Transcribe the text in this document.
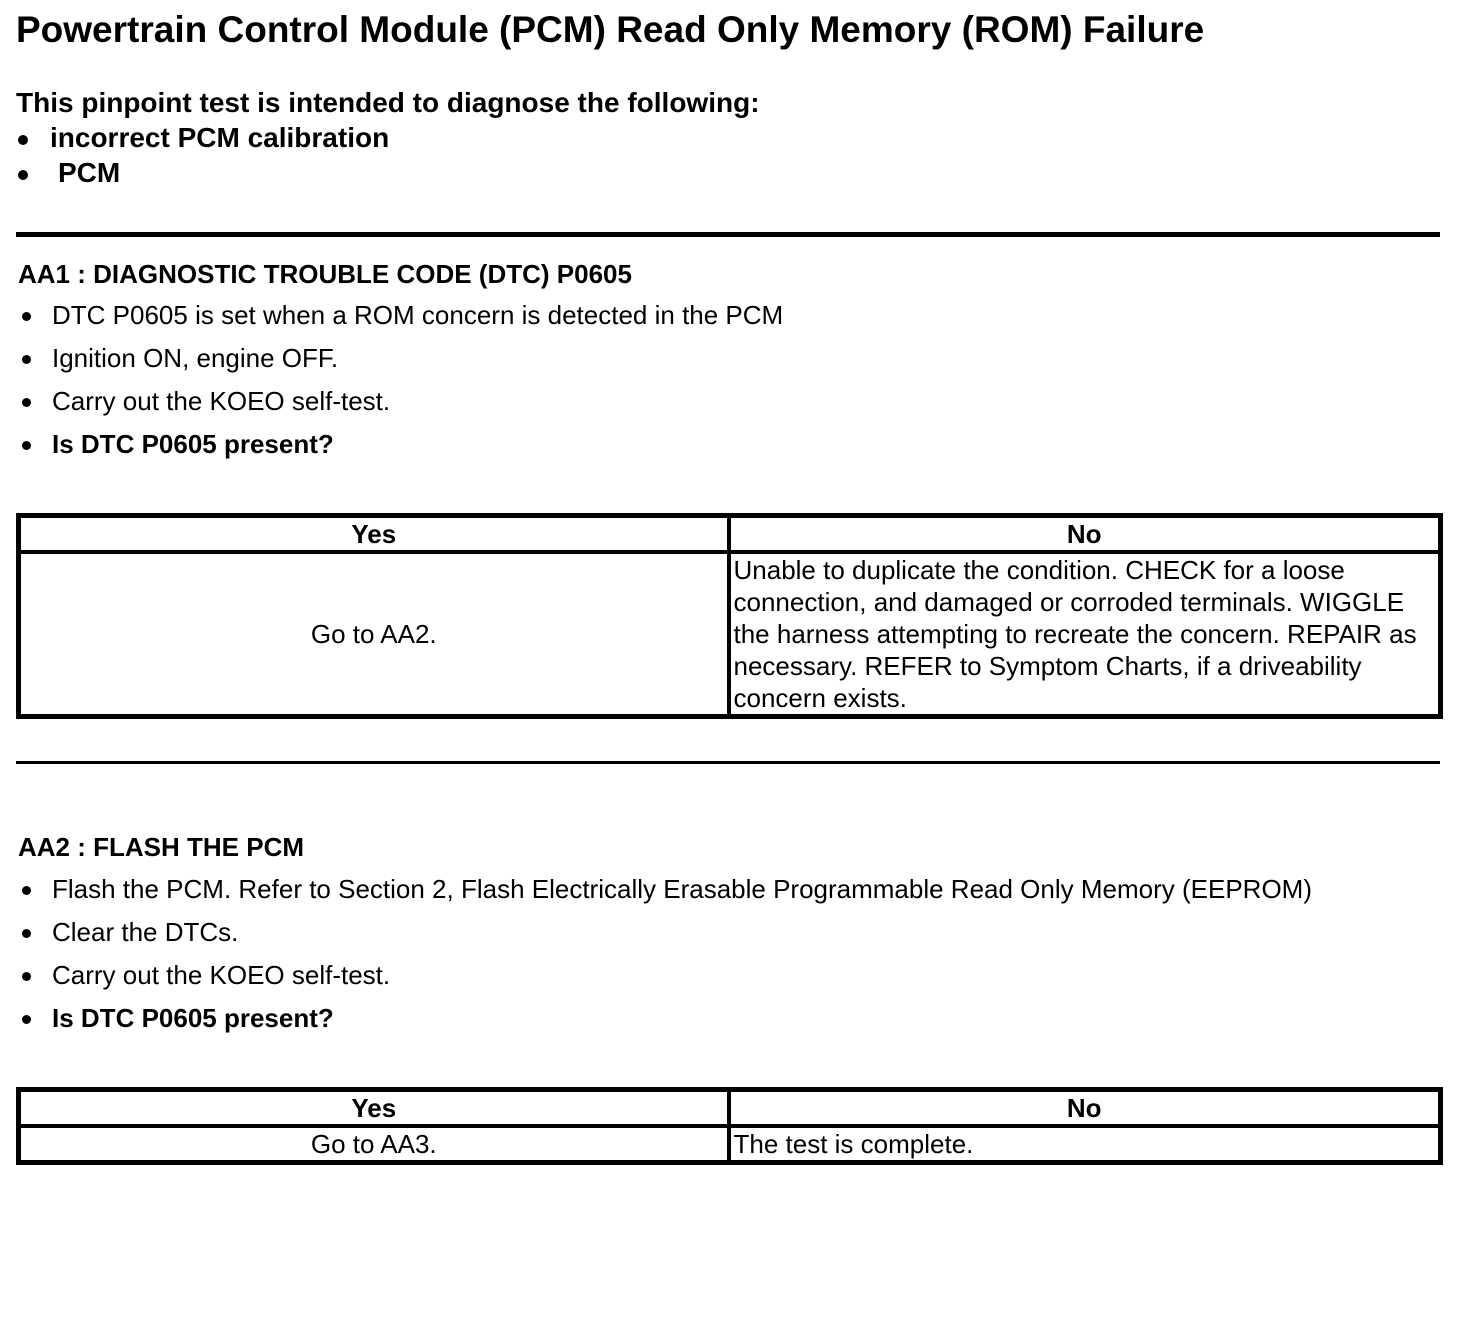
Powertrain Control Module (PCM) Read Only Memory (ROM) Failure
This pinpoint test is intended to diagnose the following:
incorrect PCM calibration
PCM
AA1 : DIAGNOSTIC TROUBLE CODE (DTC) P0605
DTC P0605 is set when a ROM concern is detected in the PCM
Ignition ON, engine OFF.
Carry out the KOEO self-test.
Is DTC P0605 present?
Yes	No
Go to AA2.	Unable to duplicate the condition. CHECK for a loose connection, and damaged or corroded terminals. WIGGLE the harness attempting to recreate the concern. REPAIR as necessary. REFER to Symptom Charts, if a driveability concern exists.
AA2 : FLASH THE PCM
Flash the PCM. Refer to Section 2, Flash Electrically Erasable Programmable Read Only Memory (EEPROM)
Clear the DTCs.
Carry out the KOEO self-test.
Is DTC P0605 present?
Yes	No
Go to AA3.	The test is complete.
